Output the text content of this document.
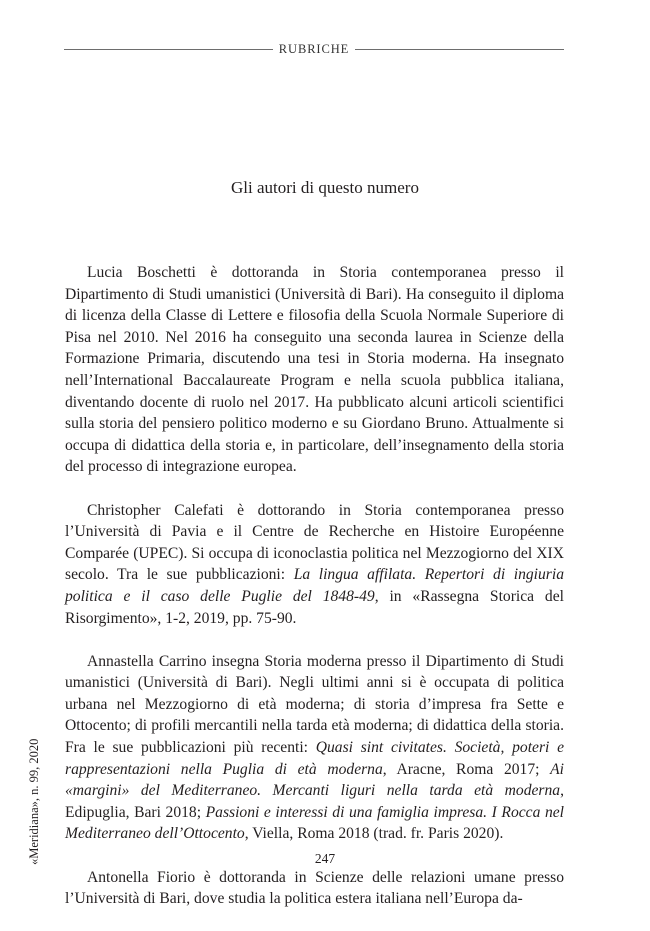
RUBRICHE
Gli autori di questo numero

Lucia Boschetti è dottoranda in Storia contemporanea presso il Dipartimento di Studi umanistici (Università di Bari). Ha conseguito il diploma di licenza della Classe di Lettere e filosofia della Scuola Normale Superiore di Pisa nel 2010. Nel 2016 ha conseguito una seconda laurea in Scienze della Formazione Primaria, discutendo una tesi in Storia moderna. Ha insegnato nell’International Baccalaureate Program e nella scuola pubblica italiana, diventando docente di ruolo nel 2017. Ha pubblicato alcuni articoli scientifici sulla storia del pensiero politico moderno e su Giordano Bruno. Attualmente si occupa di didattica della storia e, in particolare, dell’insegnamento della storia del processo di integrazione europea.

Christopher Calefati è dottorando in Storia contemporanea presso l’Università di Pavia e il Centre de Recherche en Histoire Européenne Comparée (UPEC). Si occupa di iconoclastia politica nel Mezzogiorno del XIX secolo. Tra le sue pubblicazioni: La lingua affilata. Repertori di ingiuria politica e il caso delle Puglie del 1848-49, in «Rassegna Storica del Risorgimento», 1-2, 2019, pp. 75-90.

Annastella Carrino insegna Storia moderna presso il Dipartimento di Studi umanistici (Università di Bari). Negli ultimi anni si è occupata di politica urbana nel Mezzogiorno di età moderna; di storia d’impresa fra Sette e Ottocento; di profili mercantili nella tarda età moderna; di didattica della storia. Fra le sue pubblicazioni più recenti: Quasi sint civitates. Società, poteri e rappresentazioni nella Puglia di età moderna, Aracne, Roma 2017; Ai «margini» del Mediterraneo. Mercanti liguri nella tarda età moderna, Edipuglia, Bari 2018; Passioni e interessi di una famiglia impresa. I Rocca nel Mediterraneo dell’Ottocento, Viella, Roma 2018 (trad. fr. Paris 2020).

Antonella Fiorio è dottoranda in Scienze delle relazioni umane presso l’Università di Bari, dove studia la politica estera italiana nell’Europa da-

«Meridiana», n. 99, 2020	247
